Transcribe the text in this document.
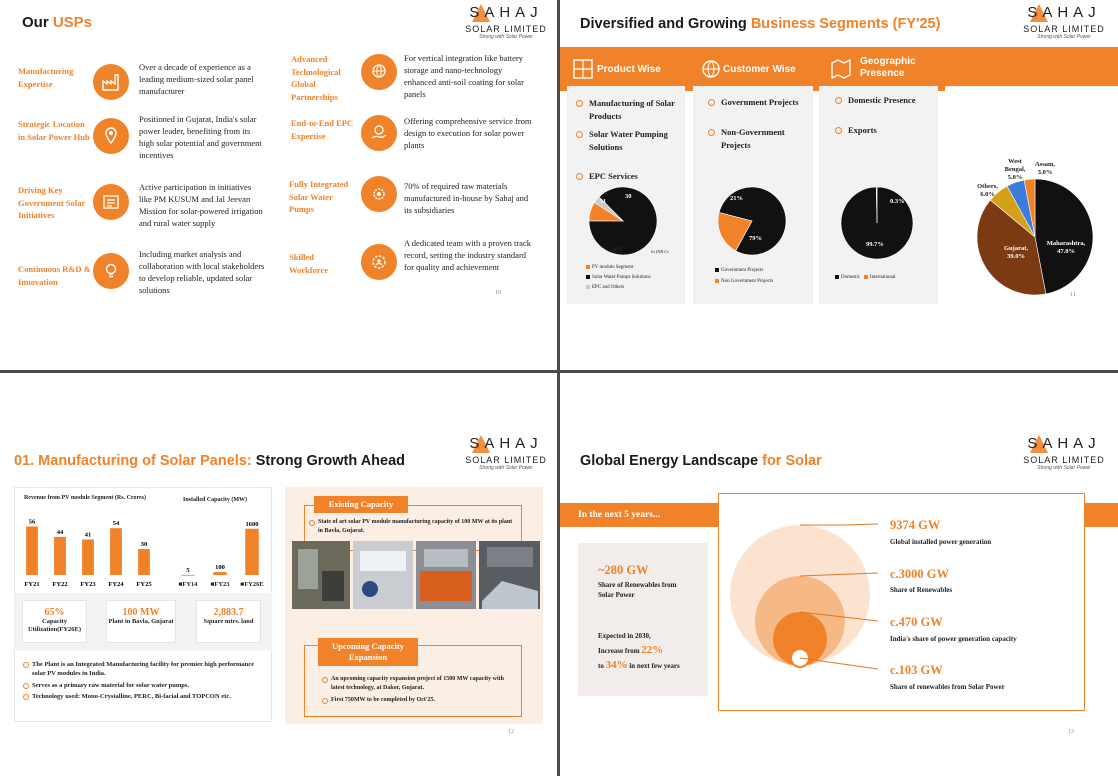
Our USPs
SAHAJ
SOLAR LIMITED
Strong with Solar Power
Manufacturing Expertise
Over a decade of experience as a leading medium-sized solar panel manufacturer
Strategic Location in Solar Power Hub
Positioned in Gujarat, India's solar power leader, benefiting from its high solar potential and government incentives
Driving Key Government Solar Initiatives
Active participation in initiatives like PM KUSUM and Jal Jeevan Mission for solar-powered irrigation and rural water supply
Continuous R&D & Innovation
Including market analysis and collaboration with local stakeholders to develop reliable, updated solar solutions
Advanced Technological Global Partnerships
For vertical integration like battery storage and nano-technology enhanced anti-soil coating for solar panels
End-to-End EPC Expertise
Offering comprehensive service from design to execution for solar power plants
Fully Integrated Solar Water Pumps
70% of required raw materials manufactured in-house by Sahaj and its subsidiaries
Skilled Workforce
A dedicated team with a proven track record, setting the industry standard for quality and achievement
10
Diversified and Growing Business Segments (FY'25)
SAHAJ
SOLAR LIMITED
Strong with Solar Power
Product Wise	Customer Wise
Geographic Presence
Statewise Domestic Revenue Breakup
Manufacturing of Solar Products
Solar Water Pumping Solutions
EPC Services
Government Projects
Non-Government Projects
Domestic Presence
Exports
11
30
288	In INR Cr.
21%
79%
0.3%
99.7%	Maharashtra, 47.0%
Gujarat, 39.0%
Others, 6.0%
West Bengal, 5.0%
Assam, 3.0%
PV module Segment
Solar Water Pumps Solutions
EPC and Others
Government Projects
Non Government Projects
Domestic International
11
01. Manufacturing of Solar Panels: Strong Growth Ahead
SAHAJ
SOLAR LIMITED
Strong with Solar Power
Revenue from PV module Segment (Rs. Crores)	Installed Capacity (MW)
56
FY21
44
FY22
41
FY23
54
FY24
30
FY25
5
■FY14
100
■FY23
1600
■FY26E
65%
Capacity Utilization(FY26E)
100 MW
Plant in Bavla, Gujarat
2,883.7
Square mtrs. land
The Plant is an Integrated Manufacturing facility for premier high performance solar PV modules in India.
Serves as a primary raw material for solar water pumps.
Technology used: Mono-Crystalline, PERC, Bi-facial and TOPCON etc.
Existing Capacity
State of art solar PV module manufacturing capacity of 100 MW at its plant in Bavla, Gujarat.
Upcoming Capacity Expansion
An upcoming capacity expansion project of 1500 MW capacity with latest technology, at Dakor, Gujarat.
First 750MW to be completed by Oct'25.
12
Global Energy Landscape for Solar
SAHAJ
SOLAR LIMITED
Strong with Solar Power
In the next 5 years...
~280 GW
Share of Renewables from Solar Power
Expected in 2030,
Increase from 22%
to 34% in next few years

9374 GW
Global installed power generation
c.3000 GW
Share of Renewables
c.470 GW
India's share of power generation capacity
c.103 GW
Share of renewables from Solar Power
13
